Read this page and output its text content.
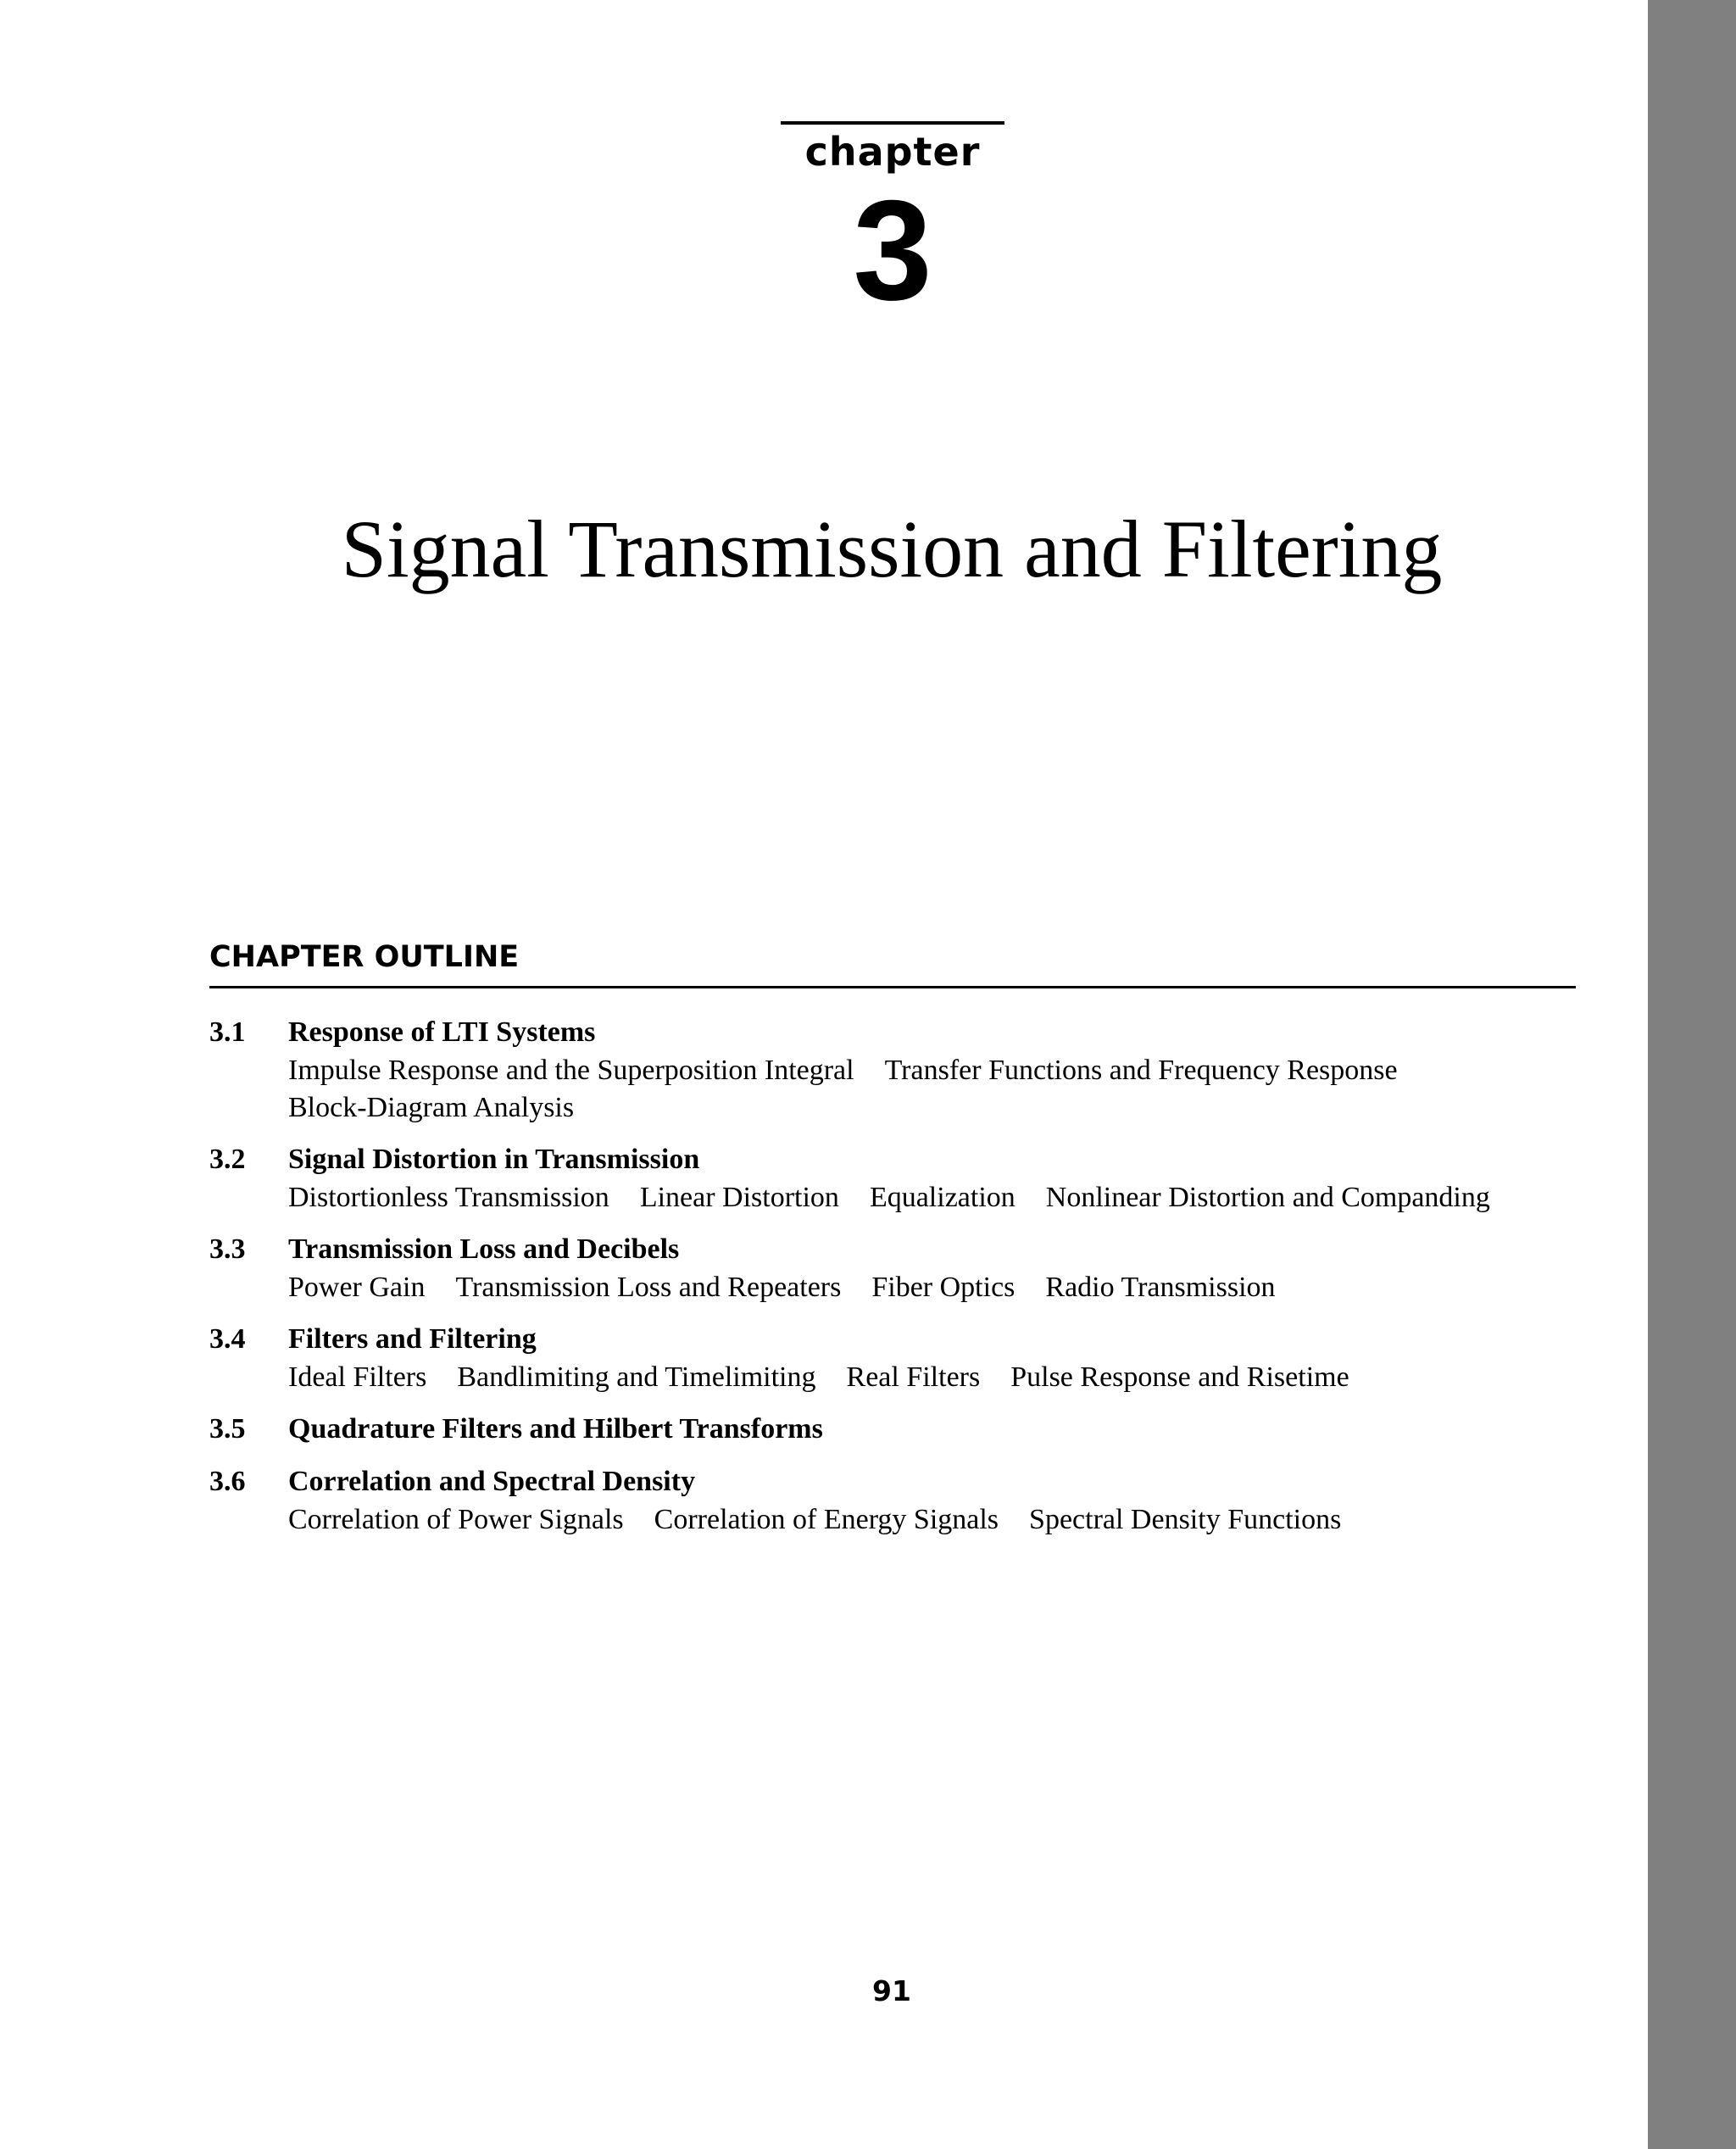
chapter
3
Signal Transmission and Filtering
CHAPTER OUTLINE
3.1	Response of LTI Systems
Impulse Response and the Superposition Integral Transfer Functions and Frequency Response
Block-Diagram Analysis
3.2	Signal Distortion in Transmission
Distortionless Transmission Linear Distortion Equalization Nonlinear Distortion and Companding
3.3	Transmission Loss and Decibels
Power Gain Transmission Loss and Repeaters Fiber Optics Radio Transmission
3.4	Filters and Filtering
Ideal Filters Bandlimiting and Timelimiting Real Filters Pulse Response and Risetime
3.5	Quadrature Filters and Hilbert Transforms
3.6	Correlation and Spectral Density
Correlation of Power Signals Correlation of Energy Signals Spectral Density Functions
91
